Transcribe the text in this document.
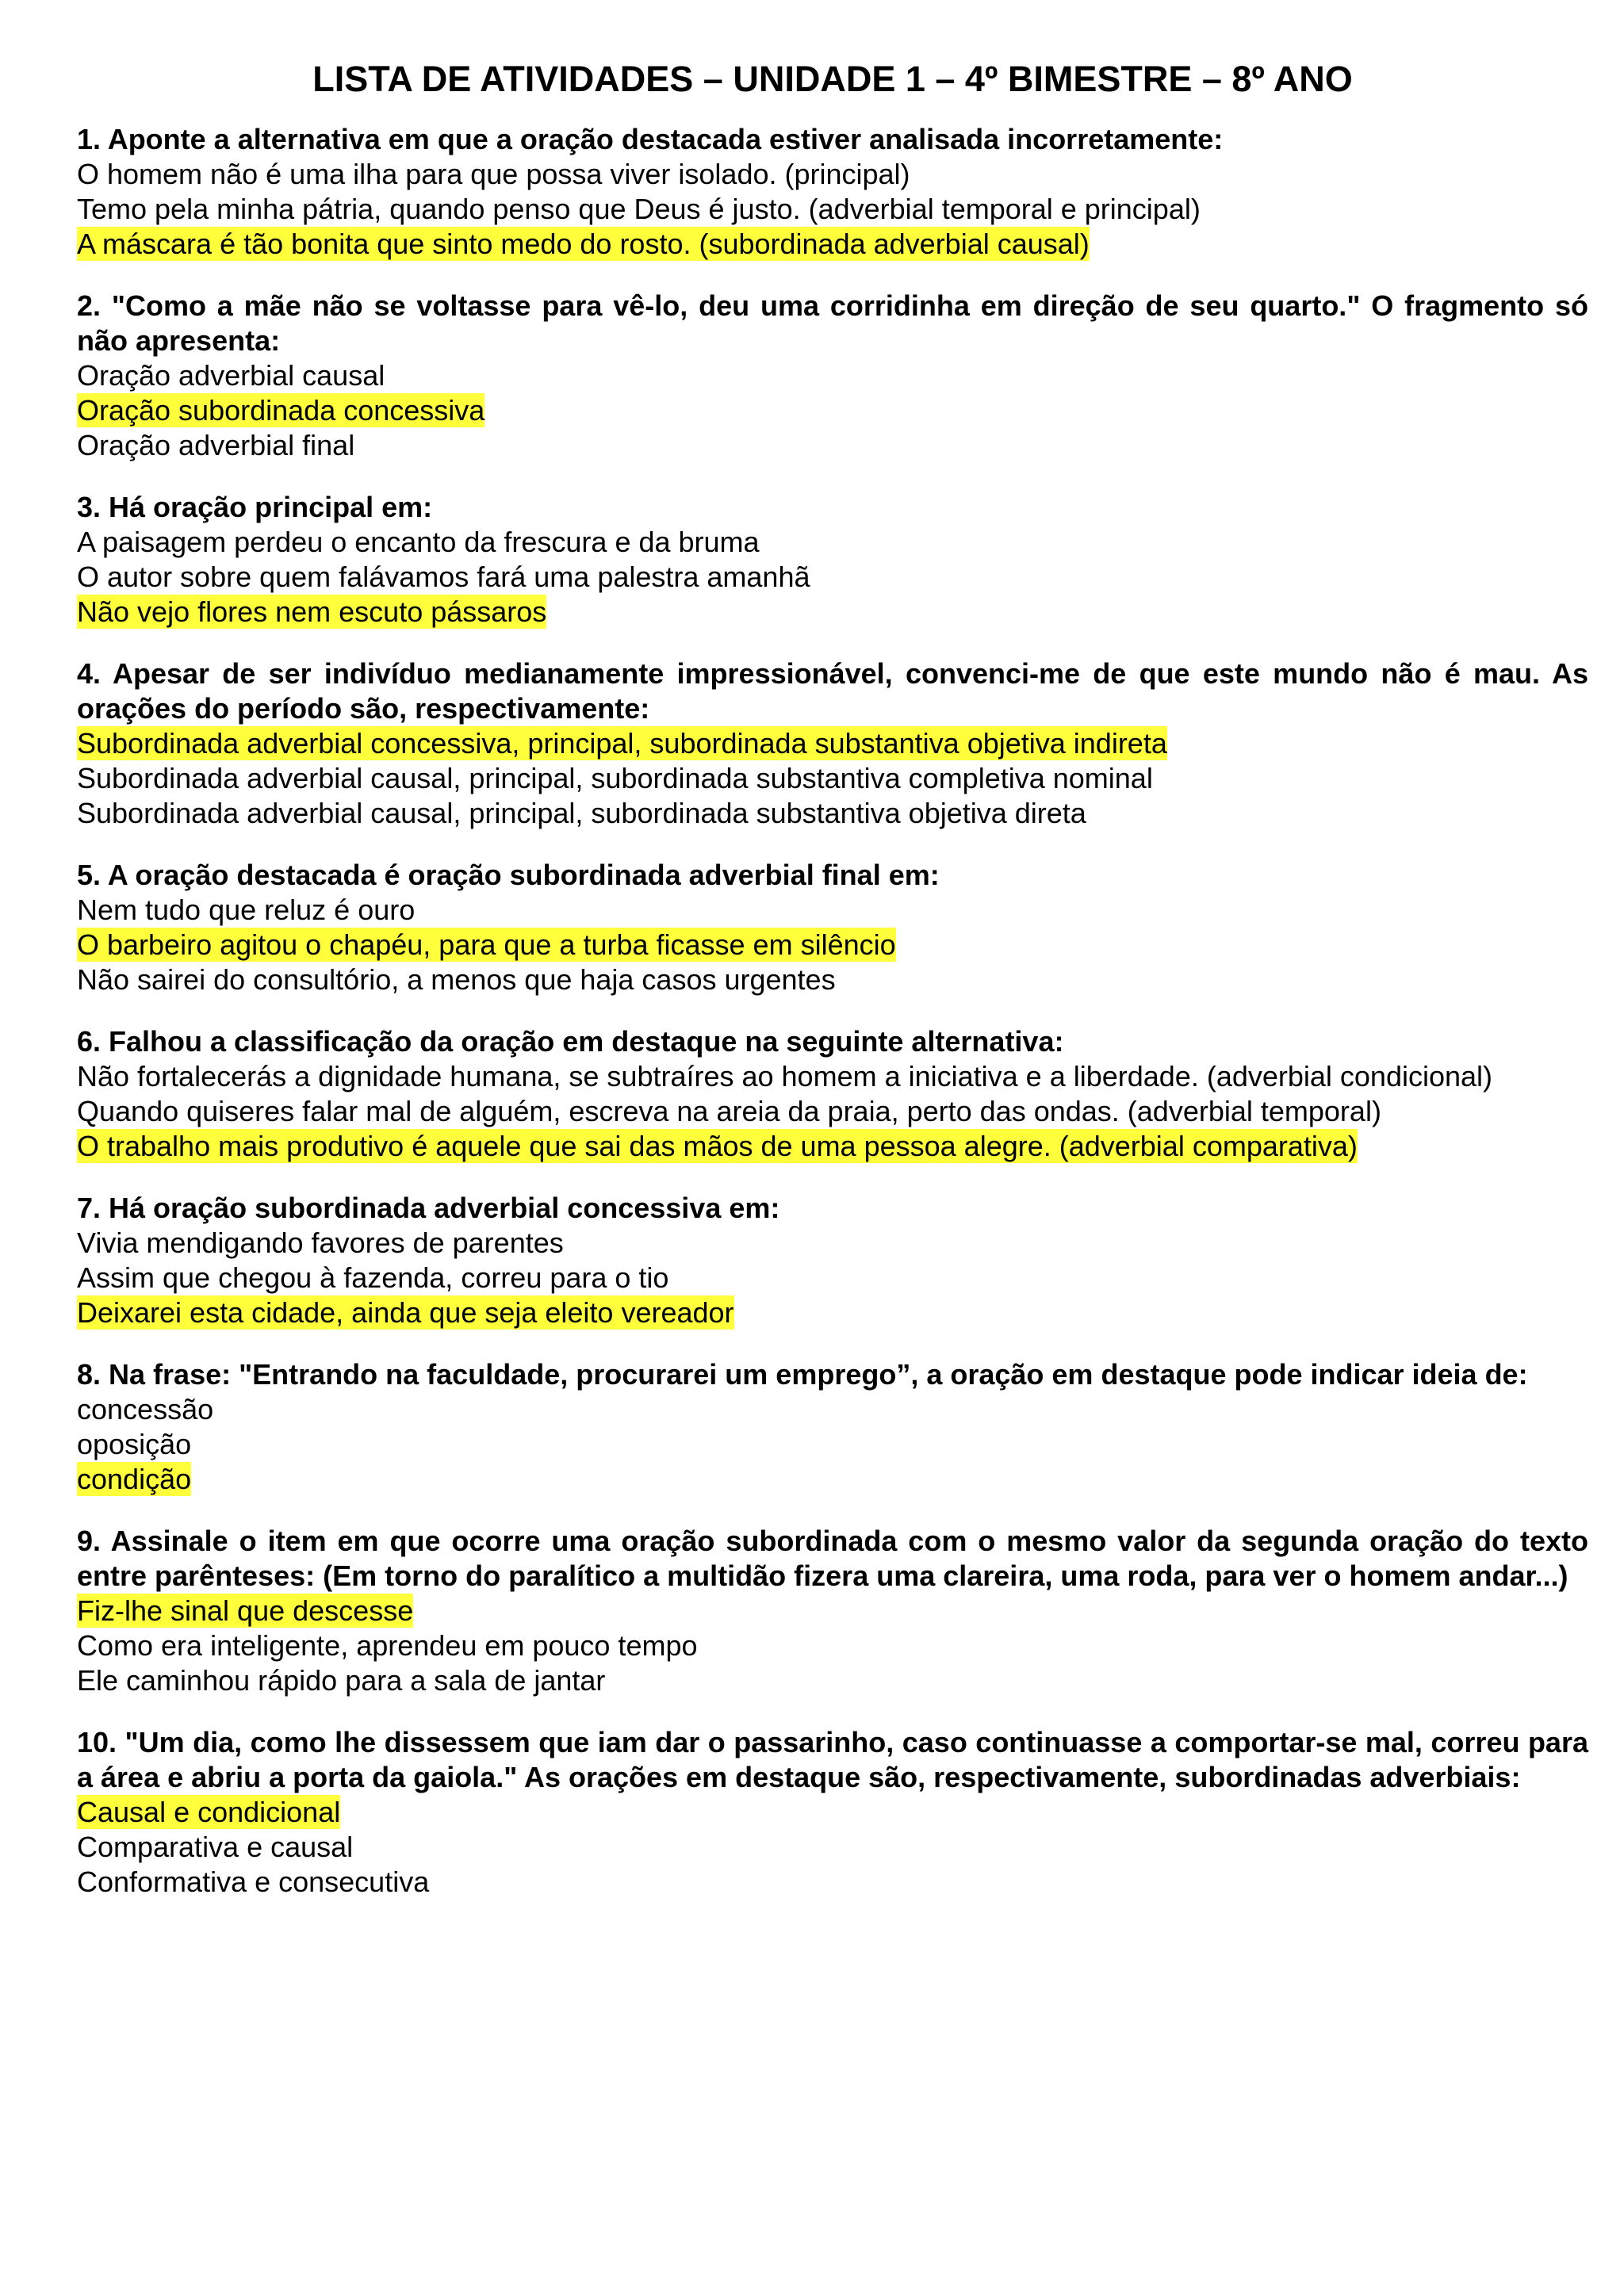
LISTA DE ATIVIDADES – UNIDADE 1 – 4º BIMESTRE – 8º ANO

1. Aponte a alternativa em que a oração destacada estiver analisada incorretamente:

O homem não é uma ilha para que possa viver isolado. (principal)
Temo pela minha pátria, quando penso que Deus é justo. (adverbial temporal e principal)
A máscara é tão bonita que sinto medo do rosto. (subordinada adverbial causal)

2. "Como a mãe não se voltasse para vê-lo, deu uma corridinha em direção de seu quarto." O fragmento só não apresenta:

Oração adverbial causal
Oração subordinada concessiva
Oração adverbial final

3. Há oração principal em:

A paisagem perdeu o encanto da frescura e da bruma
O autor sobre quem falávamos fará uma palestra amanhã
Não vejo flores nem escuto pássaros

4. Apesar de ser indivíduo medianamente impressionável, convenci-me de que este mundo não é mau. As orações do período são, respectivamente:

Subordinada adverbial concessiva, principal, subordinada substantiva objetiva indireta
Subordinada adverbial causal, principal, subordinada substantiva completiva nominal
Subordinada adverbial causal, principal, subordinada substantiva objetiva direta

5. A oração destacada é oração subordinada adverbial final em:

Nem tudo que reluz é ouro
O barbeiro agitou o chapéu, para que a turba ficasse em silêncio
Não sairei do consultório, a menos que haja casos urgentes

6. Falhou a classificação da oração em destaque na seguinte alternativa:

Não fortalecerás a dignidade humana, se subtraíres ao homem a iniciativa e a liberdade. (adverbial condicional)
Quando quiseres falar mal de alguém, escreva na areia da praia, perto das ondas. (adverbial temporal)
O trabalho mais produtivo é aquele que sai das mãos de uma pessoa alegre. (adverbial comparativa)

7. Há oração subordinada adverbial concessiva em:

Vivia mendigando favores de parentes
Assim que chegou à fazenda, correu para o tio
Deixarei esta cidade, ainda que seja eleito vereador

8. Na frase: "Entrando na faculdade, procurarei um emprego”, a oração em destaque pode indicar ideia de:

concessão
oposição
condição

9. Assinale o item em que ocorre uma oração subordinada com o mesmo valor da segunda oração do texto entre parênteses: (Em torno do paralítico a multidão fizera uma clareira, uma roda, para ver o homem andar...)

Fiz-lhe sinal que descesse
Como era inteligente, aprendeu em pouco tempo
Ele caminhou rápido para a sala de jantar

10. "Um dia, como lhe dissessem que iam dar o passarinho, caso continuasse a comportar-se mal, correu para a área e abriu a porta da gaiola." As orações em destaque são, respectivamente, subordinadas adverbiais:

Causal e condicional
Comparativa e causal
Conformativa e consecutiva
